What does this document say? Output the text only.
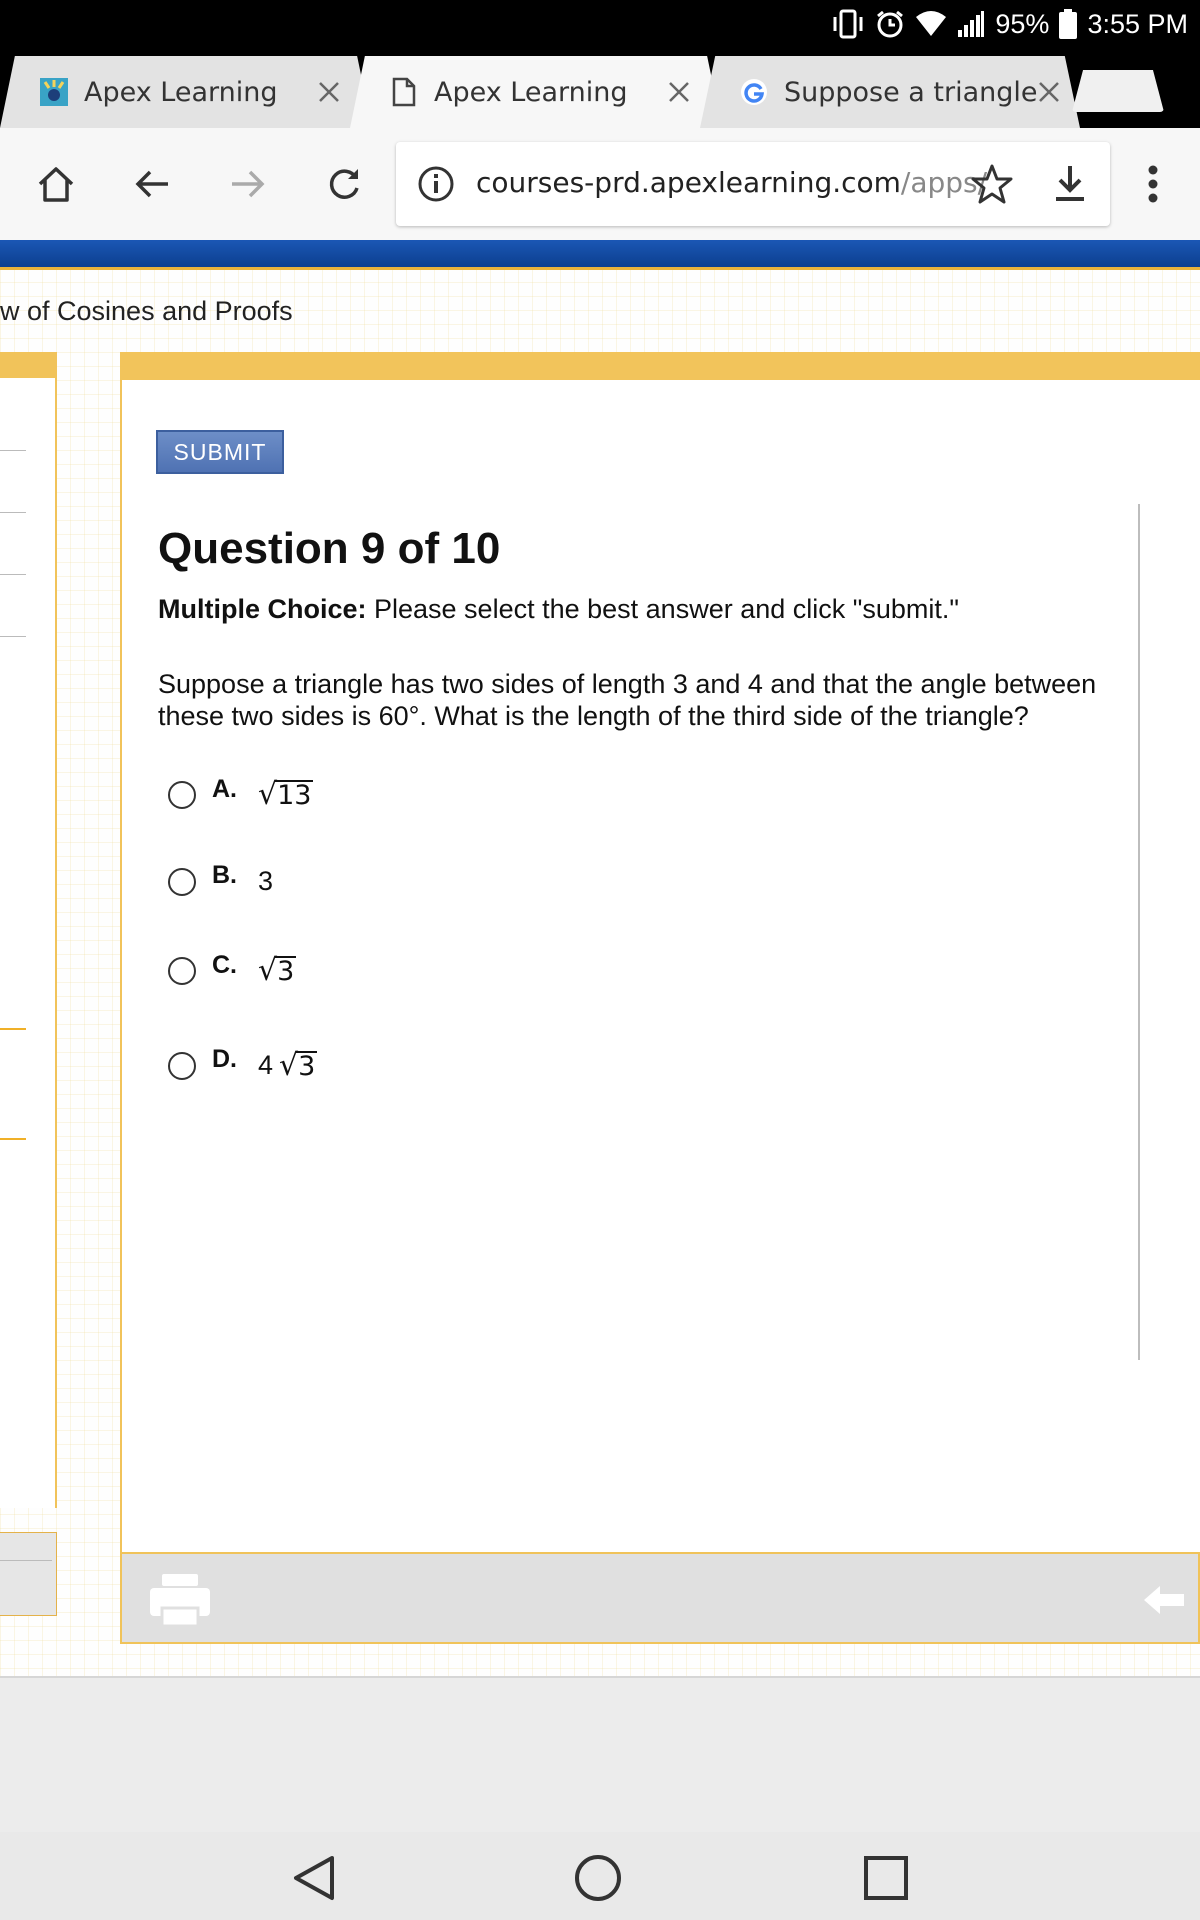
95% 3:55 PM
Apex Learning	Apex Learning	Suppose a triangle
courses-prd.apexlearning.com/apps/
w of Cosines and Proofs
SUBMIT
Question 9 of 10
Multiple Choice: Please select the best answer and click "submit."
Suppose a triangle has two sides of length 3 and 4 and that the angle between these two sides is 60°. What is the length of the third side of the triangle?
A. √ 13
B. 3
C. √ 3
D. 4 √ 3
